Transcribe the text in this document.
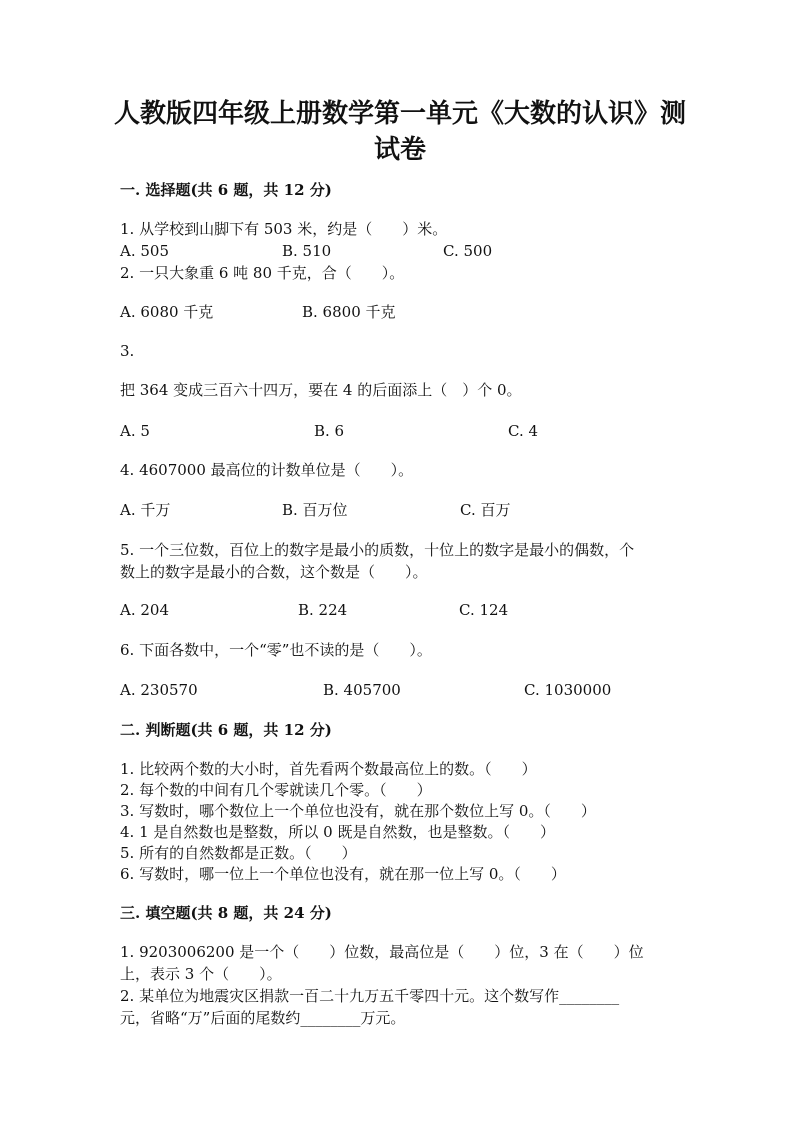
人教版四年级上册数学第一单元《大数的认识》测
试卷
一. 选择题(共 6 题，共 12 分)
1. 从学校到山脚下有 503 米，约是（　　）米。
A. 505	B. 510	C. 500
2. 一只大象重 6 吨 80 千克，合（　　）。
A. 6080 千克	B. 6800 千克
3.
把 364 变成三百六十四万，要在 4 的后面添上（　）个 0。
A. 5	B. 6	C. 4
4. 4607000 最高位的计数单位是（　　）。
A. 千万	B. 百万位	C. 百万
5. 一个三位数，百位上的数字是最小的质数，十位上的数字是最小的偶数，个
数上的数字是最小的合数，这个数是（　　）。
A. 204	B. 224	C. 124
6. 下面各数中，一个“零”也不读的是（　　）。
A. 230570	B. 405700	C. 1030000
二. 判断题(共 6 题，共 12 分)
1. 比较两个数的大小时，首先看两个数最高位上的数。（　　）
2. 每个数的中间有几个零就读几个零。（　　）
3. 写数时，哪个数位上一个单位也没有，就在那个数位上写 0。（　　）
4. 1 是自然数也是整数，所以 0 既是自然数，也是整数。（　　）
5. 所有的自然数都是正数。（　　）
6. 写数时，哪一位上一个单位也没有，就在那一位上写 0。（　　）
三. 填空题(共 8 题，共 24 分)
1. 9203006200 是一个（　　）位数，最高位是（　　）位，3 在（　　）位
上，表示 3 个（　　）。
2. 某单位为地震灾区捐款一百二十九万五千零四十元。这个数写作________
元，省略“万”后面的尾数约________万元。
